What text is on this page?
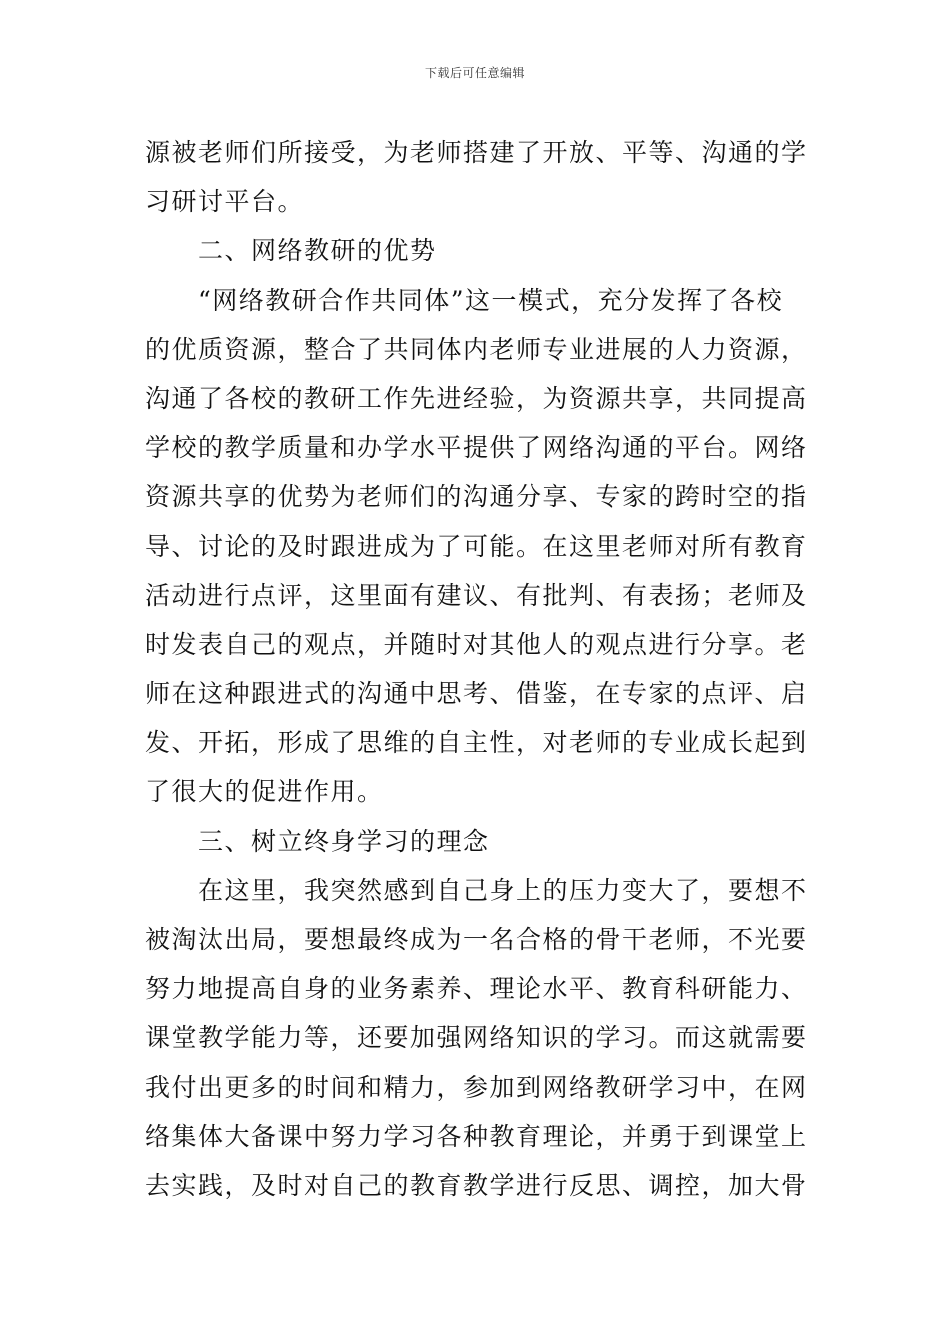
下载后可任意编辑
源被老师们所接受，为老师搭建了开放、平等、沟通的学
习研讨平台。
二、网络教研的优势
“网络教研合作共同体”这一模式，充分发挥了各校
的优质资源，整合了共同体内老师专业进展的人力资源，
沟通了各校的教研工作先进经验，为资源共享，共同提高
学校的教学质量和办学水平提供了网络沟通的平台。网络
资源共享的优势为老师们的沟通分享、专家的跨时空的指
导、讨论的及时跟进成为了可能。在这里老师对所有教育
活动进行点评，这里面有建议、有批判、有表扬；老师及
时发表自己的观点，并随时对其他人的观点进行分享。老
师在这种跟进式的沟通中思考、借鉴，在专家的点评、启
发、开拓，形成了思维的自主性，对老师的专业成长起到
了很大的促进作用。
三、树立终身学习的理念
在这里，我突然感到自己身上的压力变大了，要想不
被淘汰出局，要想最终成为一名合格的骨干老师，不光要
努力地提高自身的业务素养、理论水平、教育科研能力、
课堂教学能力等，还要加强网络知识的学习。而这就需要
我付出更多的时间和精力，参加到网络教研学习中，在网
络集体大备课中努力学习各种教育理论，并勇于到课堂上
去实践，及时对自己的教育教学进行反思、调控，加大骨
